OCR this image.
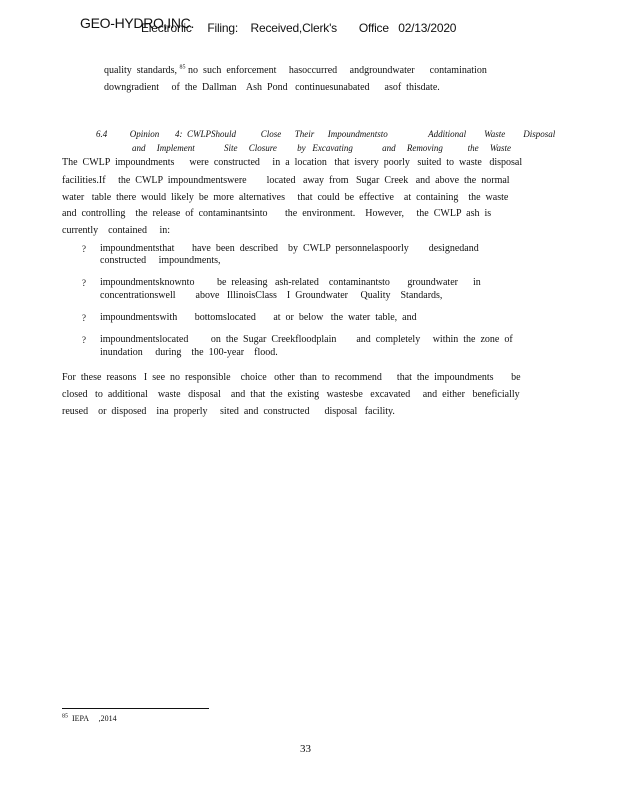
GEO-HYDRO,INC.
Electronic     Filing:    Received,Clerk's       Office   02/13/2020
quality  standards, $^{85}$ no  such  enforcement     hasoccurred     andgroundwater      contamination
downgradient     of  the  Dallman    Ash  Pond   continuesunabated      asof  thisdate.
6.4          Opinion       4:  CWLPShould           Close      Their      Impoundmentsto                  Additional        Waste        Disposal
and     Implement             Site     Closure         by   Excavating             and     Removing           the     Waste
The  CWLP  impoundments      were  constructed     in  a  location   that  isvery  poorly   suited  to  waste   disposal
facilities.If     the  CWLP  impoundmentswere        located   away  from   Sugar  Creek   and  above  the  normal
water   table  there  would  likely  be  more  alternatives     that  could  be  effective    at  containing    the  waste
and  controlling    the  release  of  contaminantsinto       the  environment.    However,     the  CWLP  ash  is
currently    contained     in:
? impoundmentsthat       have  been  described    by  CWLP  personnelaspoorly        designedand
constructed     impoundments,
? impoundmentsknownto         be  releasing   ash-related    contaminantsto       groundwater      in
concentrationswell        above   IllinoisClass    I  Groundwater     Quality    Standards,
? impoundmentswith       bottomslocated       at  or  below   the  water  table,  and
? impoundmentslocated         on  the  Sugar  Creekfloodplain        and  completely     within  the  zone  of
inundation     during    the  100-year    flood.
For  these  reasons   I  see  no  responsible    choice   other  than  to  recommend      that  the  impoundments       be
closed   to  additional    waste   disposal    and  that  the  existing   wastesbe   excavated     and  either   beneficially
reused    or  disposed    ina  properly     sited  and  constructed      disposal   facility.
$^{85}$  IEPA     ,2014
33
